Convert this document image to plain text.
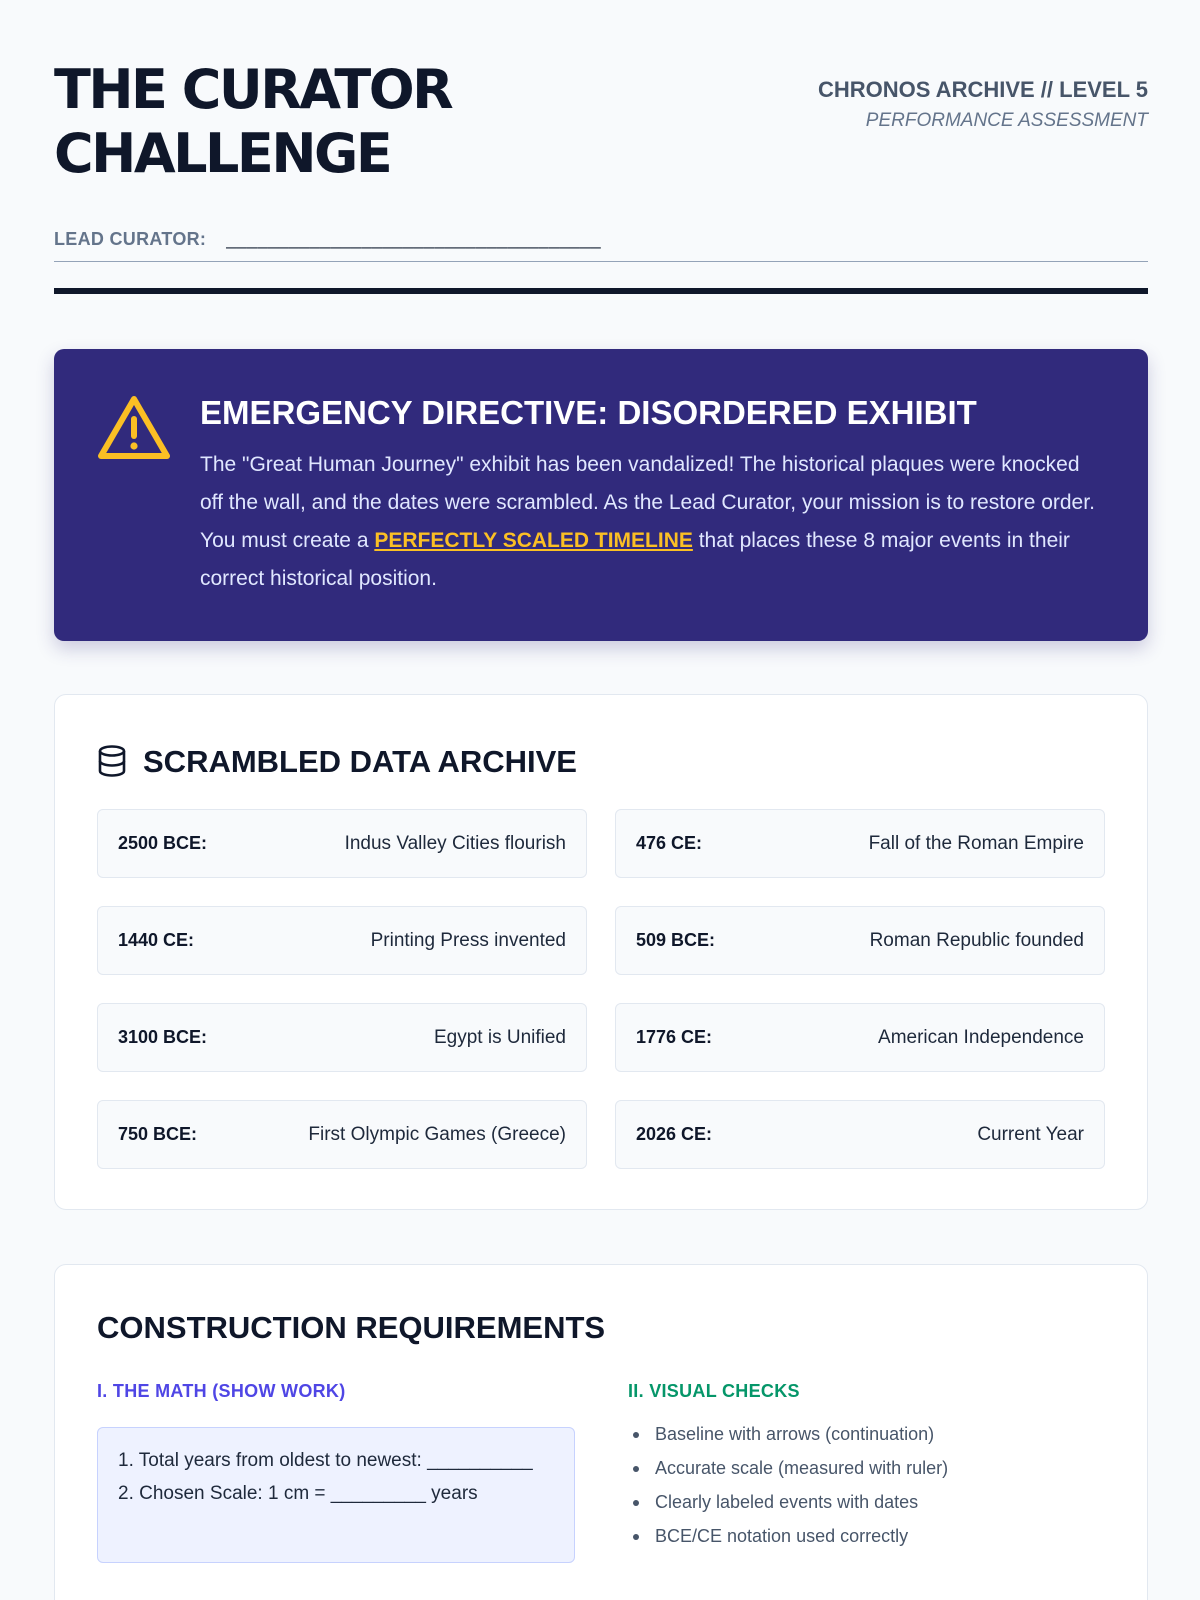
THE CURATOR
CHALLENGE
CHRONOS ARCHIVE // LEVEL 5
PERFORMANCE ASSESSMENT
LEAD CURATOR: ____________________________________
EMERGENCY DIRECTIVE: DISORDERED EXHIBIT

The "Great Human Journey" exhibit has been vandalized! The historical plaques were knocked off the wall, and the dates were scrambled. As the Lead Curator, your mission is to restore order. You must create a PERFECTLY SCALED TIMELINE that places these 8 major events in their correct historical position.

SCRAMBLED DATA ARCHIVE
2500 BCE:	Indus Valley Cities flourish	476 CE:	Fall of the Roman Empire
1440 CE:	Printing Press invented	509 BCE:	Roman Republic founded
3100 BCE:	Egypt is Unified	1776 CE:	American Independence
750 BCE:	First Olympic Games (Greece)	2026 CE:	Current Year
CONSTRUCTION REQUIREMENTS
I. THE MATH (SHOW WORK)
1. Total years from oldest to newest: __________
2. Chosen Scale: 1 cm = _________ years
II. VISUAL CHECKS
Baseline with arrows (continuation)
Accurate scale (measured with ruler)
Clearly labeled events with dates
BCE/CE notation used correctly
